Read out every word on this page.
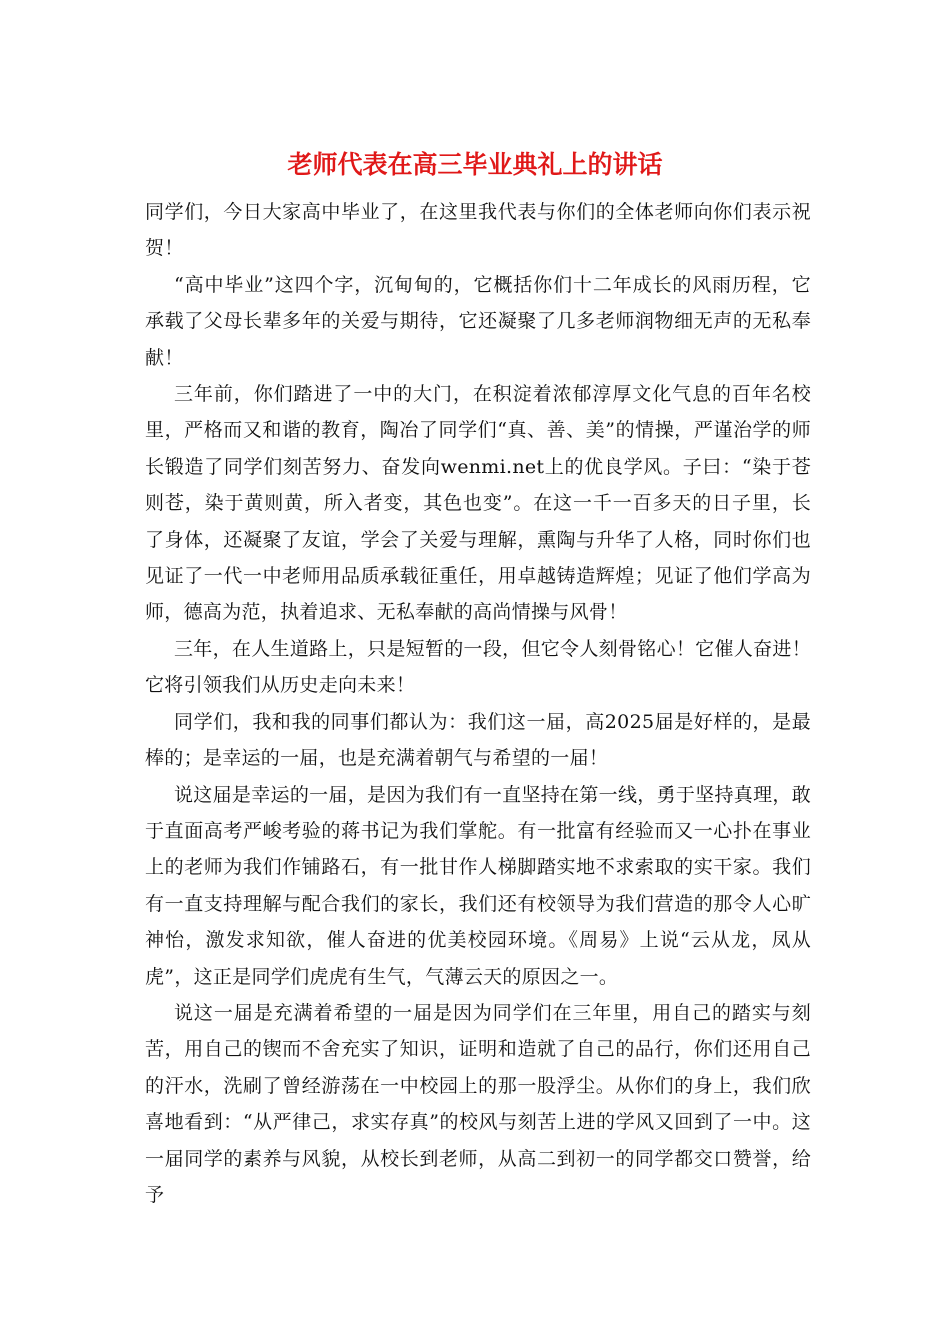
老师代表在高三毕业典礼上的讲话

同学们，今日大家高中毕业了，在这里我代表与你们的全体老师向你们表示祝贺！

“高中毕业”这四个字，沉甸甸的，它概括你们十二年成长的风雨历程，它承载了父母长辈多年的关爱与期待，它还凝聚了几多老师润物细无声的无私奉献！

三年前，你们踏进了一中的大门，在积淀着浓郁淳厚文化气息的百年名校里，严格而又和谐的教育，陶冶了同学们“真、善、美”的情操，严谨治学的师长锻造了同学们刻苦努力、奋发向wenmi.net上的优良学风。子曰：“染于苍则苍，染于黄则黄，所入者变，其色也变”。在这一千一百多天的日子里，长了身体，还凝聚了友谊，学会了关爱与理解，熏陶与升华了人格，同时你们也见证了一代一中老师用品质承载征重任，用卓越铸造辉煌；见证了他们学高为师，德高为范，执着追求、无私奉献的高尚情操与风骨！

三年，在人生道路上，只是短暂的一段，但它令人刻骨铭心！它催人奋进！它将引领我们从历史走向未来！

同学们，我和我的同事们都认为：我们这一届，高2025届是好样的，是最棒的；是幸运的一届，也是充满着朝气与希望的一届！

说这届是幸运的一届，是因为我们有一直坚持在第一线，勇于坚持真理，敢于直面高考严峻考验的蒋书记为我们掌舵。有一批富有经验而又一心扑在事业上的老师为我们作铺路石，有一批甘作人梯脚踏实地不求索取的实干家。我们有一直支持理解与配合我们的家长，我们还有校领导为我们营造的那令人心旷神怡，激发求知欲，催人奋进的优美校园环境。《周易》上说“云从龙，凤从虎”，这正是同学们虎虎有生气，气薄云天的原因之一。

说这一届是充满着希望的一届是因为同学们在三年里，用自己的踏实与刻苦，用自己的锲而不舍充实了知识，证明和造就了自己的品行，你们还用自己的汗水，洗刷了曾经游荡在一中校园上的那一股浮尘。从你们的身上，我们欣喜地看到：“从严律己，求实存真”的校风与刻苦上进的学风又回到了一中。这一届同学的素养与风貌，从校长到老师，从高二到初一的同学都交口赞誉，给予
